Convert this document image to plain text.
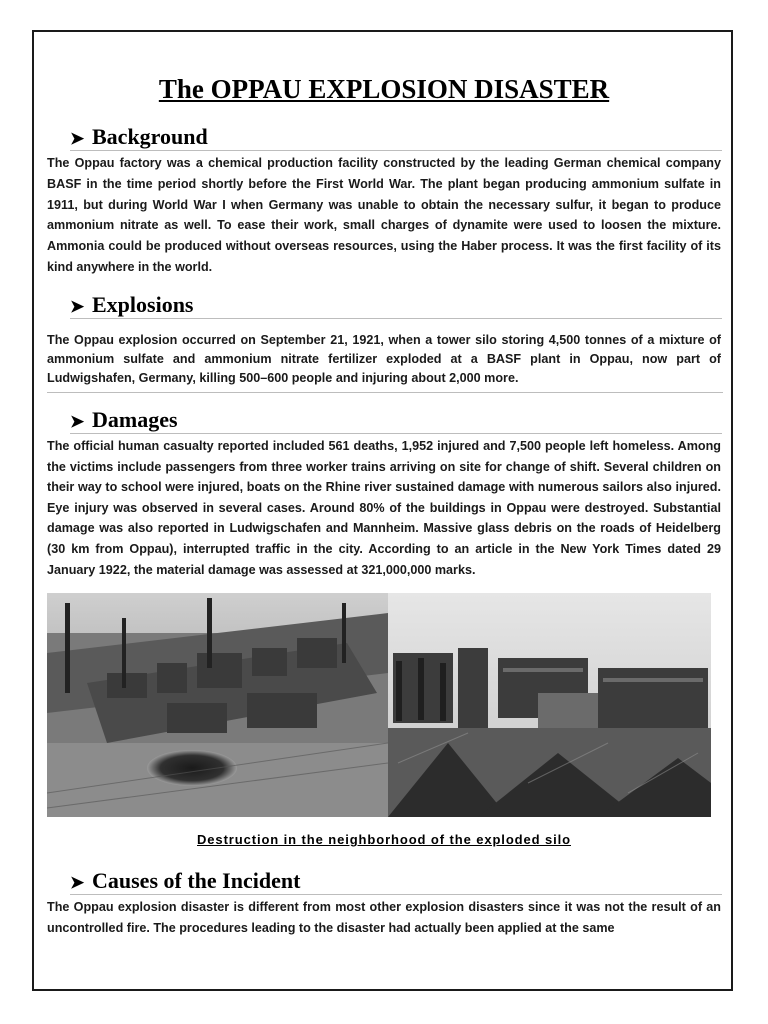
The OPPAU EXPLOSION DISASTER
➤ Background

The Oppau factory was a chemical production facility constructed by the leading German chemical company BASF in the time period shortly before the First World War. The plant began producing ammonium sulfate in 1911, but during World War I when Germany was unable to obtain the necessary sulfur, it began to produce ammonium nitrate as well. To ease their work, small charges of dynamite were used to loosen the mixture. Ammonia could be produced without overseas resources, using the Haber process. It was the first facility of its kind anywhere in the world.

➤ Explosions

The Oppau explosion occurred on September 21, 1921, when a tower silo storing 4,500 tonnes of a mixture of ammonium sulfate and ammonium nitrate fertilizer exploded at a BASF plant in Oppau, now part of Ludwigshafen, Germany, killing 500–600 people and injuring about 2,000 more.

➤ Damages

The official human casualty reported included 561 deaths, 1,952 injured and 7,500 people left homeless. Among the victims include passengers from three worker trains arriving on site for change of shift. Several children on their way to school were injured, boats on the Rhine river sustained damage with numerous sailors also injured. Eye injury was observed in several cases. Around 80% of the buildings in Oppau were destroyed. Substantial damage was also reported in Ludwigschafen and Mannheim. Massive glass debris on the roads of Heidelberg (30 km from Oppau), interrupted traffic in the city. According to an article in the New York Times dated 29 January 1922, the material damage was assessed at 321,000,000 marks.

Destruction in the neighborhood of the exploded silo
➤ Causes of the Incident

The Oppau explosion disaster is different from most other explosion disasters since it was not the result of an uncontrolled fire. The procedures leading to the disaster had actually been applied at the same
